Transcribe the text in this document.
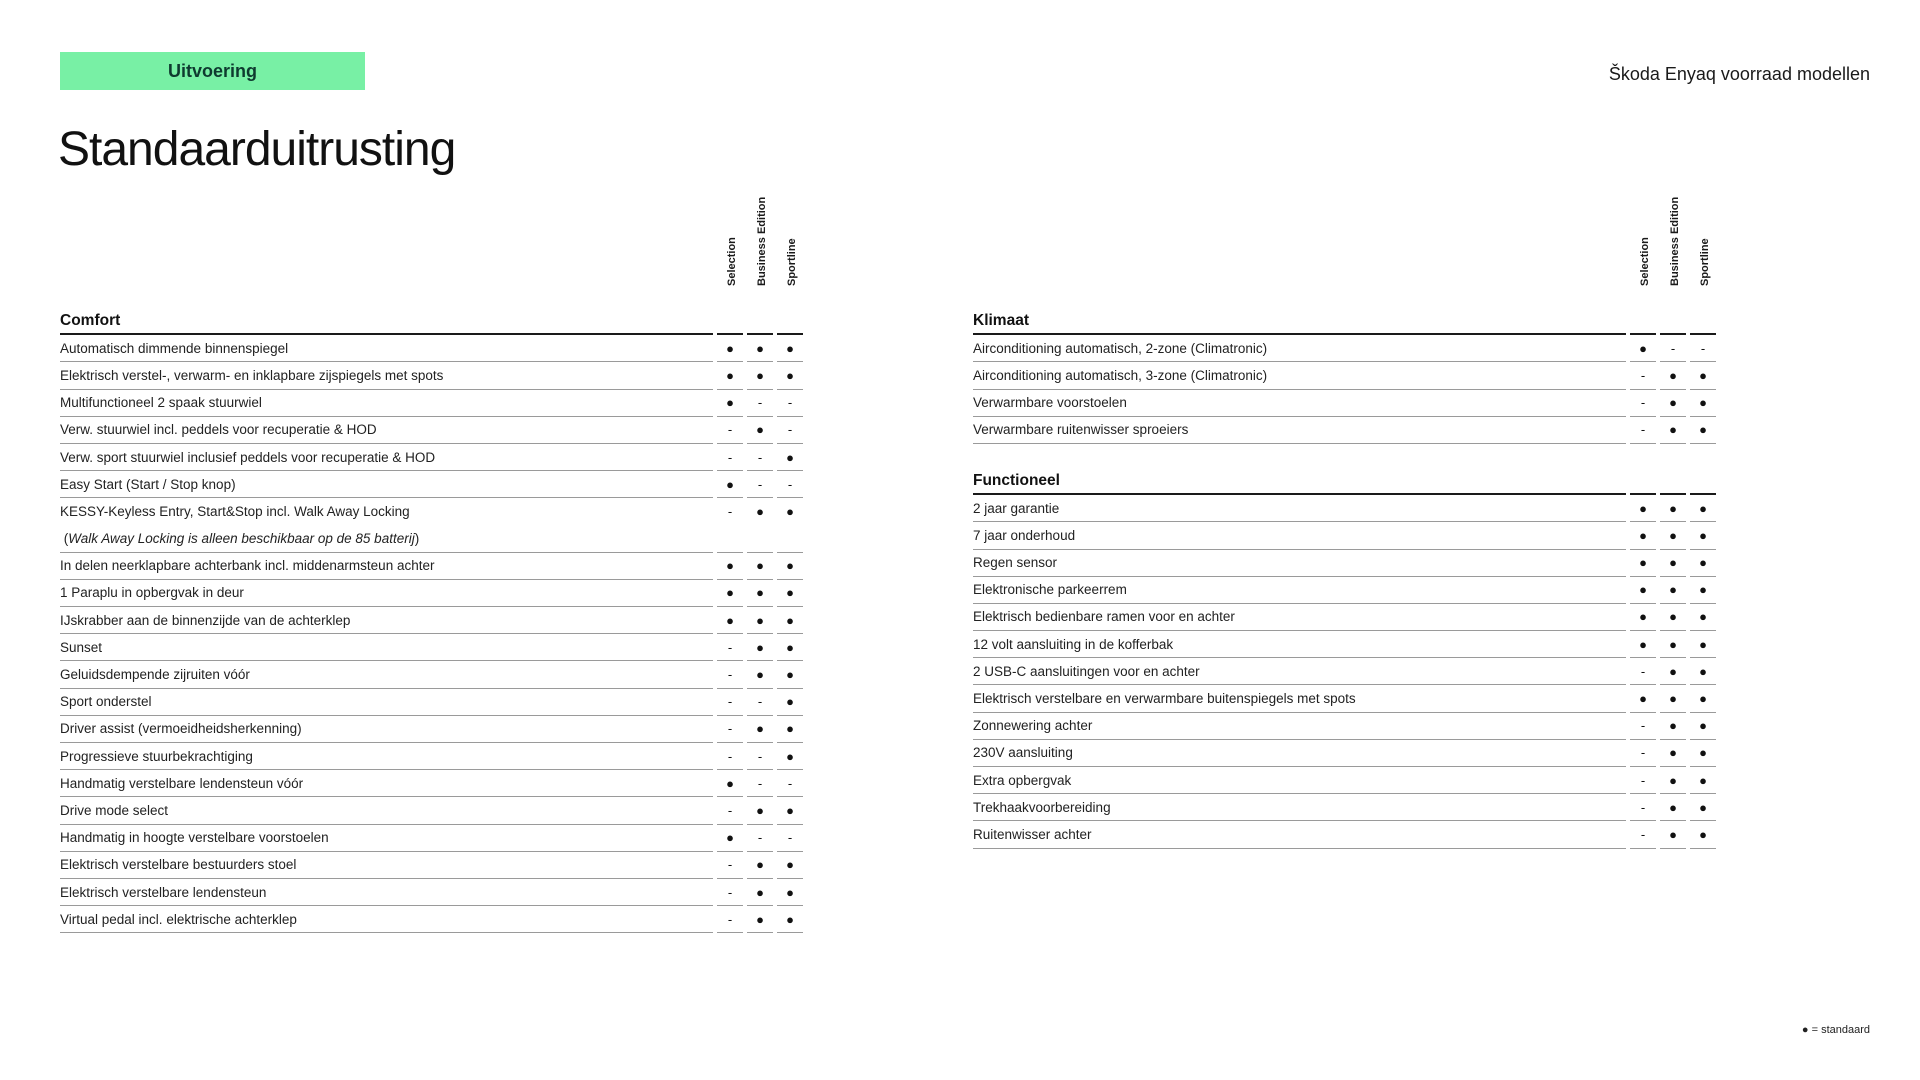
Uitvoering	Škoda Enyaq voorraad modellen
Standaarduitrusting
Selection Business Edition Sportline
Comfort
Automatisch dimmende binnenspiegel	●	●	●
Elektrisch verstel-, verwarm- en inklapbare zijspiegels met spots	●	●	●
Multifunctioneel 2 spaak stuurwiel	●	-	-
Verw. stuurwiel incl. peddels voor recuperatie & HOD	-	●	-
Verw. sport stuurwiel inclusief peddels voor recuperatie & HOD	-	-	●
Easy Start (Start / Stop knop)	●	-	-
KESSY-Keyless Entry, Start&Stop incl. Walk Away Locking	-	●	●
( Walk Away Locking is alleen beschikbaar op de 85 batterij )
In delen neerklapbare achterbank incl. middenarmsteun achter	●	●	●
1 Paraplu in opbergvak in deur	●	●	●
IJskrabber aan de binnenzijde van de achterklep	●	●	●
Sunset	-	●	●
Geluidsdempende zijruiten vóór	-	●	●
Sport onderstel	-	-	●
Driver assist (vermoeidheidsherkenning)	-	●	●
Progressieve stuurbekrachtiging	-	-	●
Handmatig verstelbare lendensteun vóór	●	-	-
Drive mode select	-	●	●
Handmatig in hoogte verstelbare voorstoelen	●	-	-
Elektrisch verstelbare bestuurders stoel	-	●	●
Elektrisch verstelbare lendensteun	-	●	●
Virtual pedal incl. elektrische achterklep	-	●	●
Selection Business Edition Sportline
Klimaat
Airconditioning automatisch, 2-zone (Climatronic)	●	-	-
Airconditioning automatisch, 3-zone (Climatronic)	-	●	●
Verwarmbare voorstoelen	-	●	●
Verwarmbare ruitenwisser sproeiers	-	●	●
Functioneel
2 jaar garantie	●	●	●
7 jaar onderhoud	●	●	●
Regen sensor	●	●	●
Elektronische parkeerrem	●	●	●
Elektrisch bedienbare ramen voor en achter	●	●	●
12 volt aansluiting in de kofferbak	●	●	●
2 USB-C aansluitingen voor en achter	-	●	●
Elektrisch verstelbare en verwarmbare buitenspiegels met spots	●	●	●
Zonnewering achter	-	●	●
230V aansluiting	-	●	●
Extra opbergvak	-	●	●
Trekhaakvoorbereiding	-	●	●
Ruitenwisser achter	-	●	●
● = standaard
